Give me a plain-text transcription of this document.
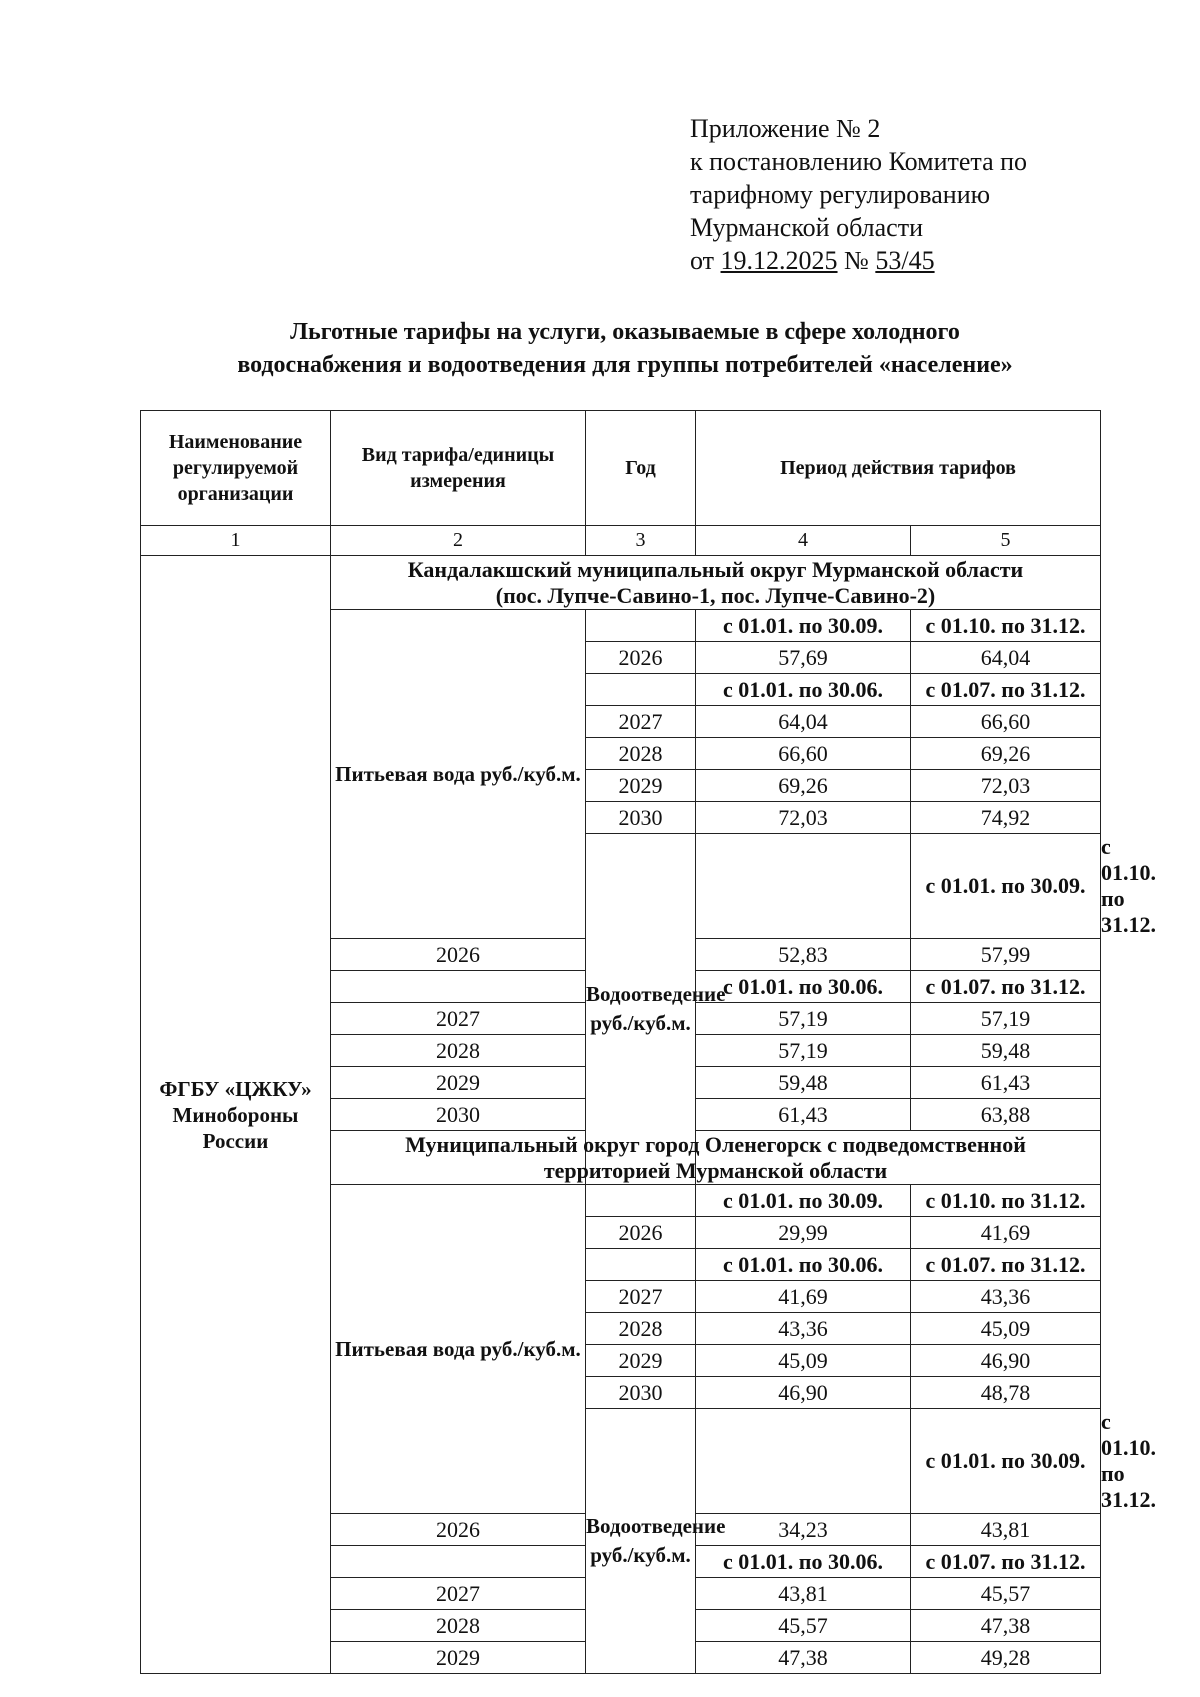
Приложение № 2
к постановлению Комитета по
тарифному регулированию
Мурманской области
от 19.12.2025 № 53/45
Льготные тарифы на услуги, оказываемые в сфере холодного
водоснабжения и водоотведения для группы потребителей «население»
Наименование регулируемой организации	Вид тарифа/единицы измерения	Год	Период действия тарифов		
1	2	3	4	5	
ФГБУ «ЦЖКУ» Минобороны России	Кандалакшский муниципальный округ Мурманской области
(пос. Лупче-Савино-1, пос. Лупче-Савино-2)				

	Питьевая вода руб./куб.м.		с 01.01. по 30.09.	с 01.10. по 31.12.	
		2026	57,69	64,04	
			с 01.01. по 30.06.	с 01.07. по 31.12.	
		2027	64,04	66,60	
		2028	66,60	69,26	
		2029	69,26	72,03	
		2030	72,03	74,92	
		Водоотведение руб./куб.м.		с 01.01. по 30.09.	с 01.10. по 31.12.
	2026		52,83	57,99	
			с 01.01. по 30.06.	с 01.07. по 31.12.	
	2027		57,19	57,19	
	2028		57,19	59,48	
	2029		59,48	61,43	
	2030		61,43	63,88	

	Муниципальный округ город Оленегорск с подведомственной
территорией Мурманской области				

	Питьевая вода руб./куб.м.		с 01.01. по 30.09.	с 01.10. по 31.12.	
		2026	29,99	41,69	
			с 01.01. по 30.06.	с 01.07. по 31.12.	
		2027	41,69	43,36	
		2028	43,36	45,09	
		2029	45,09	46,90	
		2030	46,90	48,78	
		Водоотведение руб./куб.м.		с 01.01. по 30.09.	с 01.10. по 31.12.
	2026		34,23	43,81	
			с 01.01. по 30.06.	с 01.07. по 31.12.	
	2027		43,81	45,57	
	2028		45,57	47,38	
	2029		47,38	49,28	
